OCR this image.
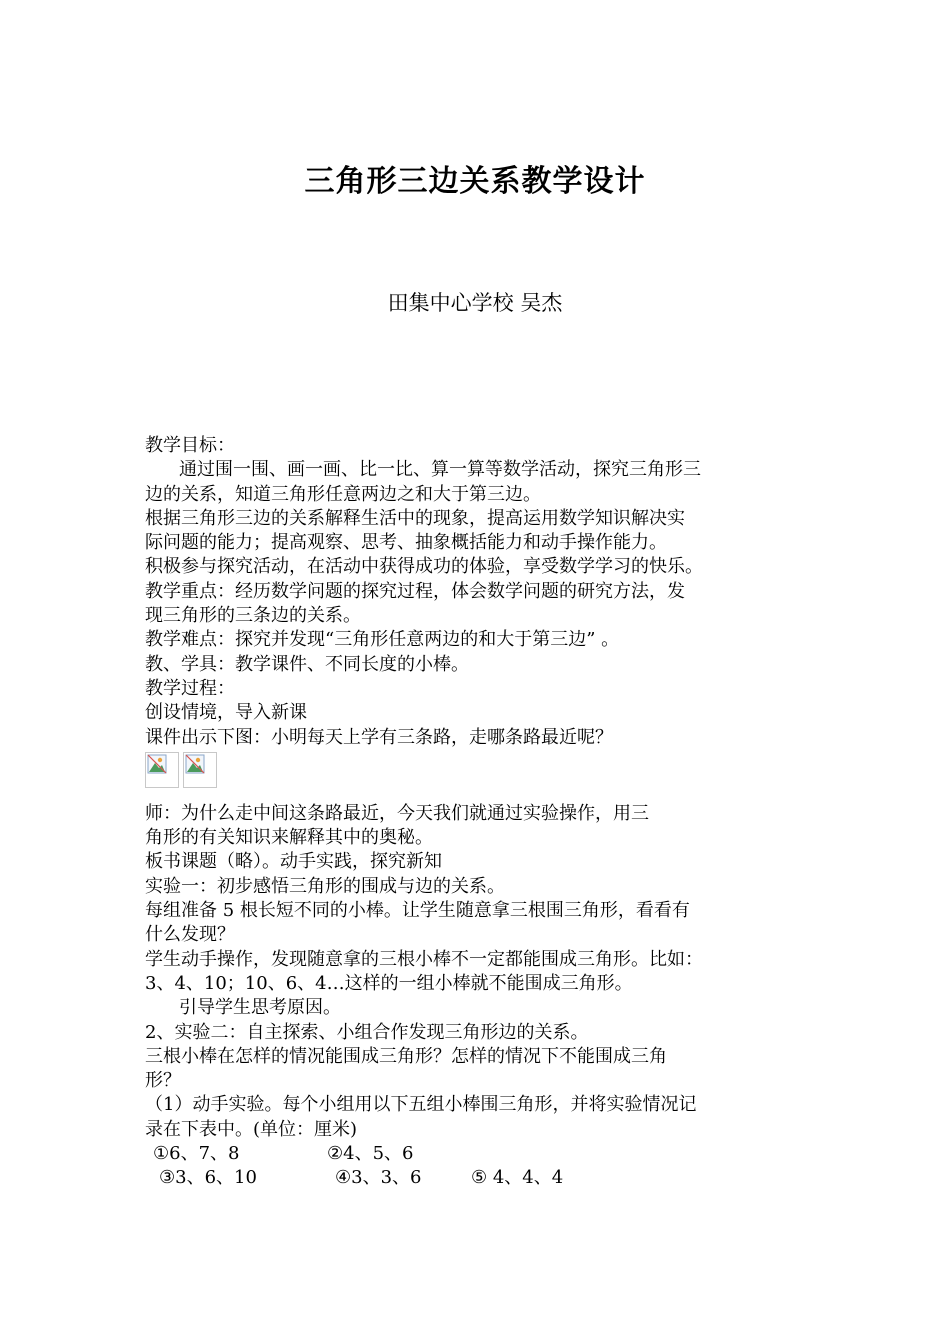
三角形三边关系教学设计

田集中心学校 吴杰

教学目标：
通过围一围、画一画、比一比、算一算等数学活动，探究三角形三
边的关系，知道三角形任意两边之和大于第三边。
根据三角形三边的关系解释生活中的现象，提高运用数学知识解决实
际问题的能力；提高观察、思考、抽象概括能力和动手操作能力。
积极参与探究活动，在活动中获得成功的体验，享受数学学习的快乐。
教学重点：经历数学问题的探究过程，体会数学问题的研究方法，发
现三角形的三条边的关系。
教学难点：探究并发现“三角形任意两边的和大于第三边” 。
教、学具：教学课件、不同长度的小棒。
教学过程：
创设情境，导入新课
课件出示下图：小明每天上学有三条路，走哪条路最近呢？
师：为什么走中间这条路最近，今天我们就通过实验操作，用三
角形的有关知识来解释其中的奥秘。
板书课题（略）。动手实践，探究新知
实验一：初步感悟三角形的围成与边的关系。
每组准备 5 根长短不同的小棒。让学生随意拿三根围三角形，看看有
什么发现？
学生动手操作，发现随意拿的三根小棒不一定都能围成三角形。比如：
3、4、10；10、6、4…这样的一组小棒就不能围成三角形。
引导学生思考原因。
2、实验二：自主探索、小组合作发现三角形边的关系。
三根小棒在怎样的情况能围成三角形？怎样的情况下不能围成三角
形？
（1）动手实验。每个小组用以下五组小棒围三角形，并将实验情况记
录在下表中。(单位：厘米)
①6、7、8	②4、5、6
③3、6、10	④3、3、6	⑤ 4、4、4
